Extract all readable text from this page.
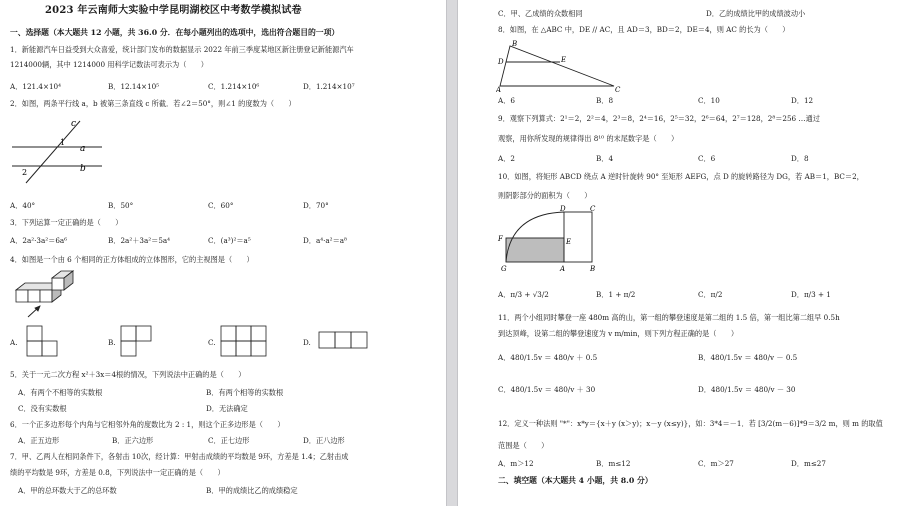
2023 年云南师大实验中学昆明湖校区中考数学模拟试卷
一、选择题（本大题共 12 小题，共 36.0 分．在每小题列出的选项中，选出符合题目的一项）
1．新能源汽车日益受到大众喜爱，统计部门发布的数据显示 2022 年前三季度某地区新注册登记新能源汽车
1214000辆，其中 1214000 用科学记数法可表示为（　　）
A．121.4×10⁴	B．12.14×10⁵	C．1.214×10⁶	D．1.214×10⁷
2．如图，两条平行线 a，b 被第三条直线 c 所截．若∠2＝50°，则∠1 的度数为（　　）
c
a
b
1
2
A．40°	B．50°	C．60°	D．70°
3．下列运算一定正确的是（　　）
A．2a²·3a²＝6a⁶	B．2a²＋3a²＝5a⁴	C．(a³)²＝a⁵	D．a⁴·a²＝a⁸
4．如图是一个由 6 个相同的正方体组成的立体图形，它的主视图是（　　）
A.	B.	C.	D.
5．关于一元二次方程 x²＋3x＝4根的情况，下列说法中正确的是（　　）
A．有两个不相等的实数根	B．有两个相等的实数根
C．没有实数根	D．无法确定
6．一个正多边形每个内角与它相邻外角的度数比为 2 : 1，则这个正多边形是（　　）
A．正五边形	B．正六边形	C．正七边形	D．正八边形
7．甲、乙两人在相同条件下，各射击 10次，经计算：甲射击成绩的平均数是 9环，方差是 1.4；乙射击成
绩的平均数是 9环，方差是 0.8，下列说法中一定正确的是（　　）
A．甲的总环数大于乙的总环数	B．甲的成绩比乙的成绩稳定
C．甲、乙成绩的众数相同	D．乙的成绩比甲的成绩波动小
8．如图，在 △ABC 中，DE // AC，且 AD＝3，BD＝2，DE＝4，则 AC 的长为（　　）
B
D	E
A	C
A．6	B．8	C．10	D．12
9．观察下列算式：2¹＝2，2²＝4，2³＝8，2⁴＝16，2⁵＝32，2⁶＝64，2⁷＝128，2⁸＝256 …通过
观察，用你所发现的规律得出 8¹⁰ 的末尾数字是（　　）
A．2	B．4	C．6	D．8
10．如图，将矩形 ABCD 绕点 A 逆时针旋转 90° 至矩形 AEFG，点 D 的旋转路径为 DG，若 AB＝1，BC＝2，
则阴影部分的面积为（　　）
D	C
F	E
G	A	B
A．π/3 + √3/2	B．1 + π/2	C．π/2	D．π/3 + 1
11．两个小组同时攀登一座 480m 高的山，第一组的攀登速度是第二组的 1.5 倍，第一组比第二组早 0.5h
到达顶峰，设第二组的攀登速度为 v m/min，则下列方程正确的是（　　）
A．480/1.5v ＝ 480/v ＋ 0.5	B．480/1.5v ＝ 480/v － 0.5
C．480/1.5v ＝ 480/v ＋ 30	D．480/1.5v ＝ 480/v － 30
12．定义一种法则 "*"：x*y＝{x＋y (x＞y)；x－y (x≤y)}，如：3*4＝－1．若 [3/2(m－6)]*9＝3/2 m，则 m 的取值
范围是（　　）
A．m＞12	B．m≤12	C．m＞27	D．m≤27
二、填空题（本大题共 4 小题，共 8.0 分）
